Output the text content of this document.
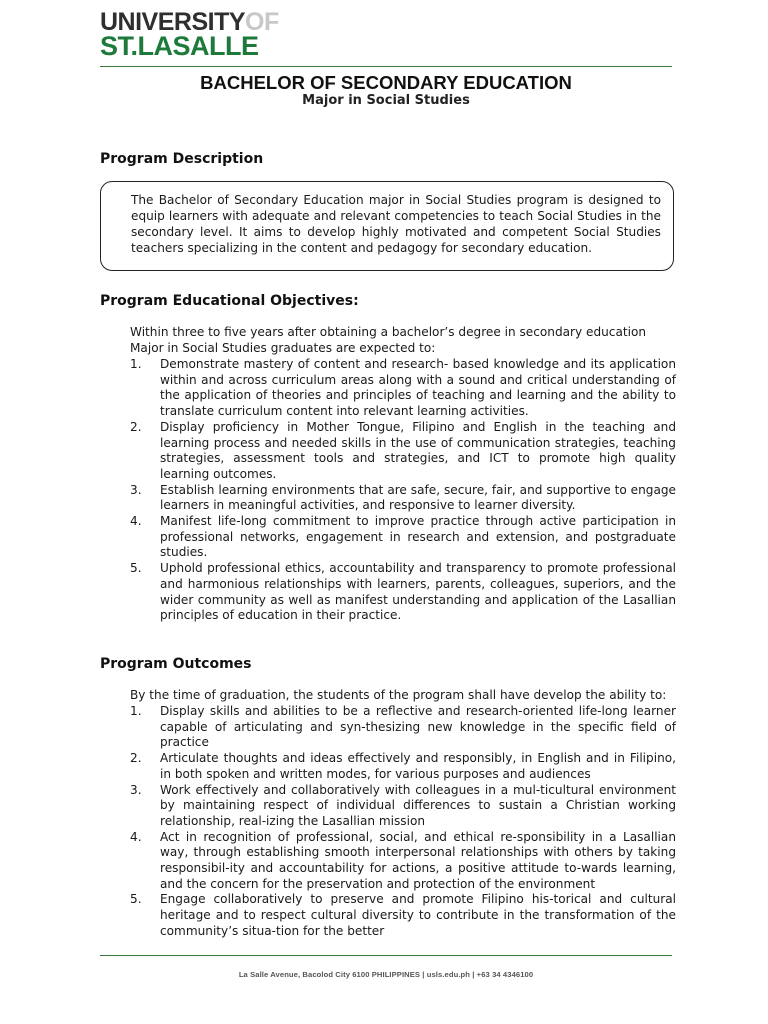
UNIVERSITYOF
ST.LASALLE
BACHELOR OF SECONDARY EDUCATION
Major in Social Studies
Program Description
The Bachelor of Secondary Education major in Social Studies program is designed to equip learners with adequate and relevant competencies to teach Social Studies in the secondary level. It aims to develop highly motivated and competent Social Studies teachers specializing in the content and pedagogy for secondary education.
Program Educational Objectives:
Within three to five years after obtaining a bachelor’s degree in secondary education Major in Social Studies graduates are expected to:
1. Demonstrate mastery of content and research- based knowledge and its application within and across curriculum areas along with a sound and critical understanding of the application of theories and principles of teaching and learning and the ability to translate curriculum content into relevant learning activities.
2. Display proficiency in Mother Tongue, Filipino and English in the teaching and learning process and needed skills in the use of communication strategies, teaching strategies, assessment tools and strategies, and ICT to promote high quality learning outcomes.
3. Establish learning environments that are safe, secure, fair, and supportive to engage learners in meaningful activities, and responsive to learner diversity.
4. Manifest life-long commitment to improve practice through active participation in professional networks, engagement in research and extension, and postgraduate studies.
5. Uphold professional ethics, accountability and transparency to promote professional and harmonious relationships with learners, parents, colleagues, superiors, and the wider community as well as manifest understanding and application of the Lasallian principles of education in their practice.
Program Outcomes
By the time of graduation, the students of the program shall have develop the ability to:
1. Display skills and abilities to be a reflective and research-oriented life-long learner capable of articulating and syn-thesizing new knowledge in the specific field of practice
2. Articulate thoughts and ideas effectively and responsibly, in English and in Filipino, in both spoken and written modes, for various purposes and audiences
3. Work effectively and collaboratively with colleagues in a mul-ticultural environment by maintaining respect of individual differences to sustain a Christian working relationship, real-izing the Lasallian mission
4. Act in recognition of professional, social, and ethical re-sponsibility in a Lasallian way, through establishing smooth interpersonal relationships with others by taking responsibil-ity and accountability for actions, a positive attitude to-wards learning, and the concern for the preservation and protection of the environment
5. Engage collaboratively to preserve and promote Filipino his-torical and cultural heritage and to respect cultural diversity to contribute in the transformation of the community’s situa-tion for the better
La Salle Avenue, Bacolod City 6100 PHILIPPINES | usls.edu.ph | +63 34 4346100
